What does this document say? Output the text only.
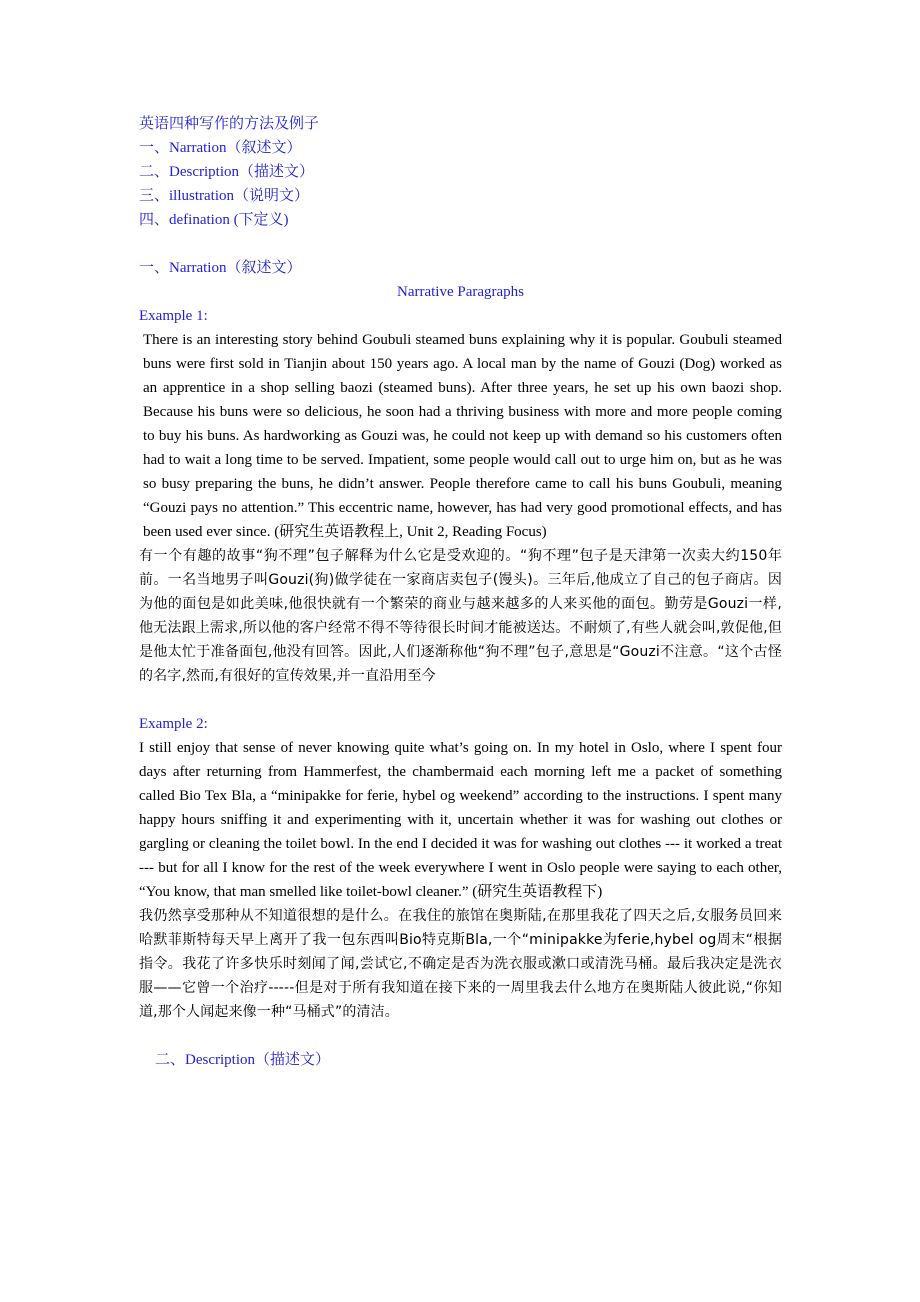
英语四种写作的方法及例子
一、Narration（叙述文）
二、Description（描述文）
三、illustration（说明文）
四、defination (下定义)
一、Narration（叙述文）
Narrative Paragraphs
Example 1:
There is an interesting story behind Goubuli steamed buns explaining why it is popular. Goubuli steamed buns were first sold in Tianjin about 150 years ago. A local man by the name of Gouzi (Dog) worked as an apprentice in a shop selling baozi (steamed buns). After three years, he set up his own baozi shop. Because his buns were so delicious, he soon had a thriving business with more and more people coming to buy his buns. As hardworking as Gouzi was, he could not keep up with demand so his customers often had to wait a long time to be served. Impatient, some people would call out to urge him on, but as he was so busy preparing the buns, he didn’t answer. People therefore came to call his buns Goubuli, meaning “Gouzi pays no attention.” This eccentric name, however, has had very good promotional effects, and has been used ever since. (研究生英语教程上, Unit 2, Reading Focus)
有一个有趣的故事“狗不理”包子解释为什么它是受欢迎的。“狗不理”包子是天津第一次卖大约150年前。一名当地男子叫Gouzi(狗)做学徒在一家商店卖包子(馒头)。三年后,他成立了自己的包子商店。因为他的面包是如此美味,他很快就有一个繁荣的商业与越来越多的人来买他的面包。勤劳是Gouzi一样,他无法跟上需求,所以他的客户经常不得不等待很长时间才能被送达。不耐烦了,有些人就会叫,敦促他,但是他太忙于准备面包,他没有回答。因此,人们逐渐称他“狗不理”包子,意思是“Gouzi不注意。“这个古怪的名字,然而,有很好的宣传效果,并一直沿用至今
Example 2:
I still enjoy that sense of never knowing quite what’s going on. In my hotel in Oslo, where I spent four days after returning from Hammerfest, the chambermaid each morning left me a packet of something called Bio Tex Bla, a “minipakke for ferie, hybel og weekend” according to the instructions. I spent many happy hours sniffing it and experimenting with it, uncertain whether it was for washing out clothes or gargling or cleaning the toilet bowl. In the end I decided it was for washing out clothes --- it worked a treat --- but for all I know for the rest of the week everywhere I went in Oslo people were saying to each other, “You know, that man smelled like toilet-bowl cleaner.” (研究生英语教程下)
我仍然享受那种从不知道很想的是什么。在我住的旅馆在奥斯陆,在那里我花了四天之后,女服务员回来哈默菲斯特每天早上离开了我一包东西叫Bio特克斯Bla,一个“minipakke为ferie,hybel og周末“根据指令。我花了许多快乐时刻闻了闻,尝试它,不确定是否为洗衣服或漱口或清洗马桶。最后我决定是洗衣服——它曾一个治疗-----但是对于所有我知道在接下来的一周里我去什么地方在奥斯陆人彼此说,“你知道,那个人闻起来像一种“马桶式”的清洁。
二、Description（描述文）
